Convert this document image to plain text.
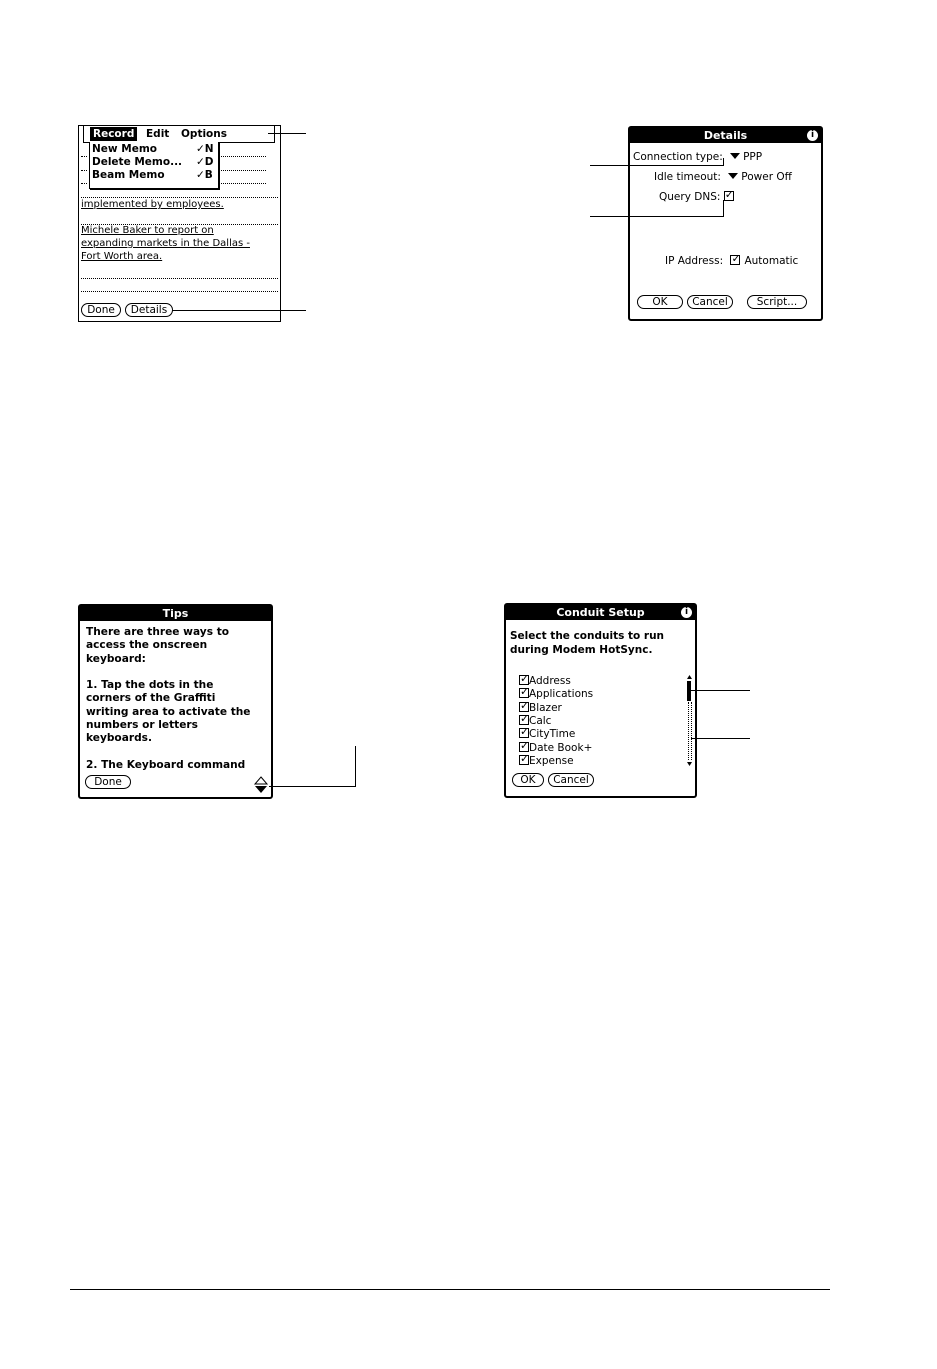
Record Edit Options
New Memo	✓N
Delete Memo... ✓D
Beam Memo	✓B
implemented by employees.
Michele Baker to report on
expanding markets in the Dallas -
Fort Worth area.
Done	Details
Details	i
Connection type: PPP
Idle timeout: Power Off
Query DNS: ✓
IP Address: ✓ Automatic
OK	Cancel	Script...
Tips
There are three ways to
access the onscreen
keyboard:
1. Tap the dots in the
corners of the Graffiti
writing area to activate the
numbers or letters
keyboards.
2. The Keyboard command
Done
Conduit Setup	i
Select the conduits to run
during Modem HotSync.
✓Address
✓Applications
✓Blazer
✓Calc
✓CityTime
✓Date Book+
✓Expense
OK	Cancel
